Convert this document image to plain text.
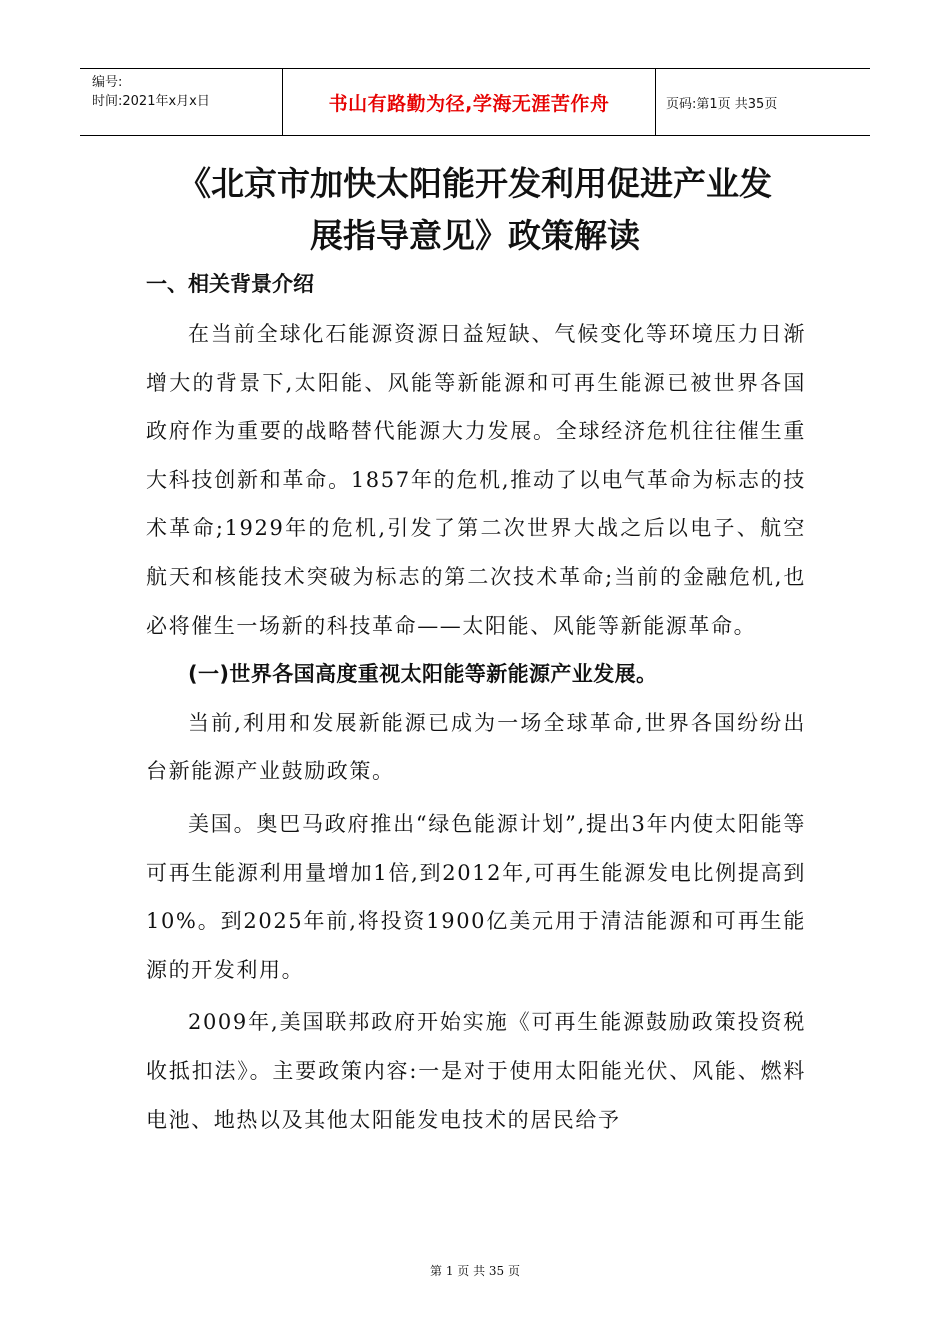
编号:
时间:2021年x月x日	书山有路勤为径,学海无涯苦作舟	页码:第1页 共35页
《北京市加快太阳能开发利用促进产业发
展指导意见》政策解读
一、相关背景介绍

在当前全球化石能源资源日益短缺、气候变化等环境压力日渐增大的背景下,太阳能、风能等新能源和可再生能源已被世界各国政府作为重要的战略替代能源大力发展。全球经济危机往往催生重大科技创新和革命。1857年的危机,推动了以电气革命为标志的技术革命;1929年的危机,引发了第二次世界大战之后以电子、航空航天和核能技术突破为标志的第二次技术革命;当前的金融危机,也必将催生一场新的科技革命——太阳能、风能等新能源革命。

(一)世界各国高度重视太阳能等新能源产业发展。

当前,利用和发展新能源已成为一场全球革命,世界各国纷纷出台新能源产业鼓励政策。

美国。奥巴马政府推出“绿色能源计划”,提出3年内使太阳能等可再生能源利用量增加1倍,到2012年,可再生能源发电比例提高到10%。到2025年前,将投资1900亿美元用于清洁能源和可再生能源的开发利用。

2009年,美国联邦政府开始实施《可再生能源鼓励政策投资税收抵扣法》。主要政策内容:一是对于使用太阳能光伏、风能、燃料电池、地热以及其他太阳能发电技术的居民给予

第 1 页 共 35 页
